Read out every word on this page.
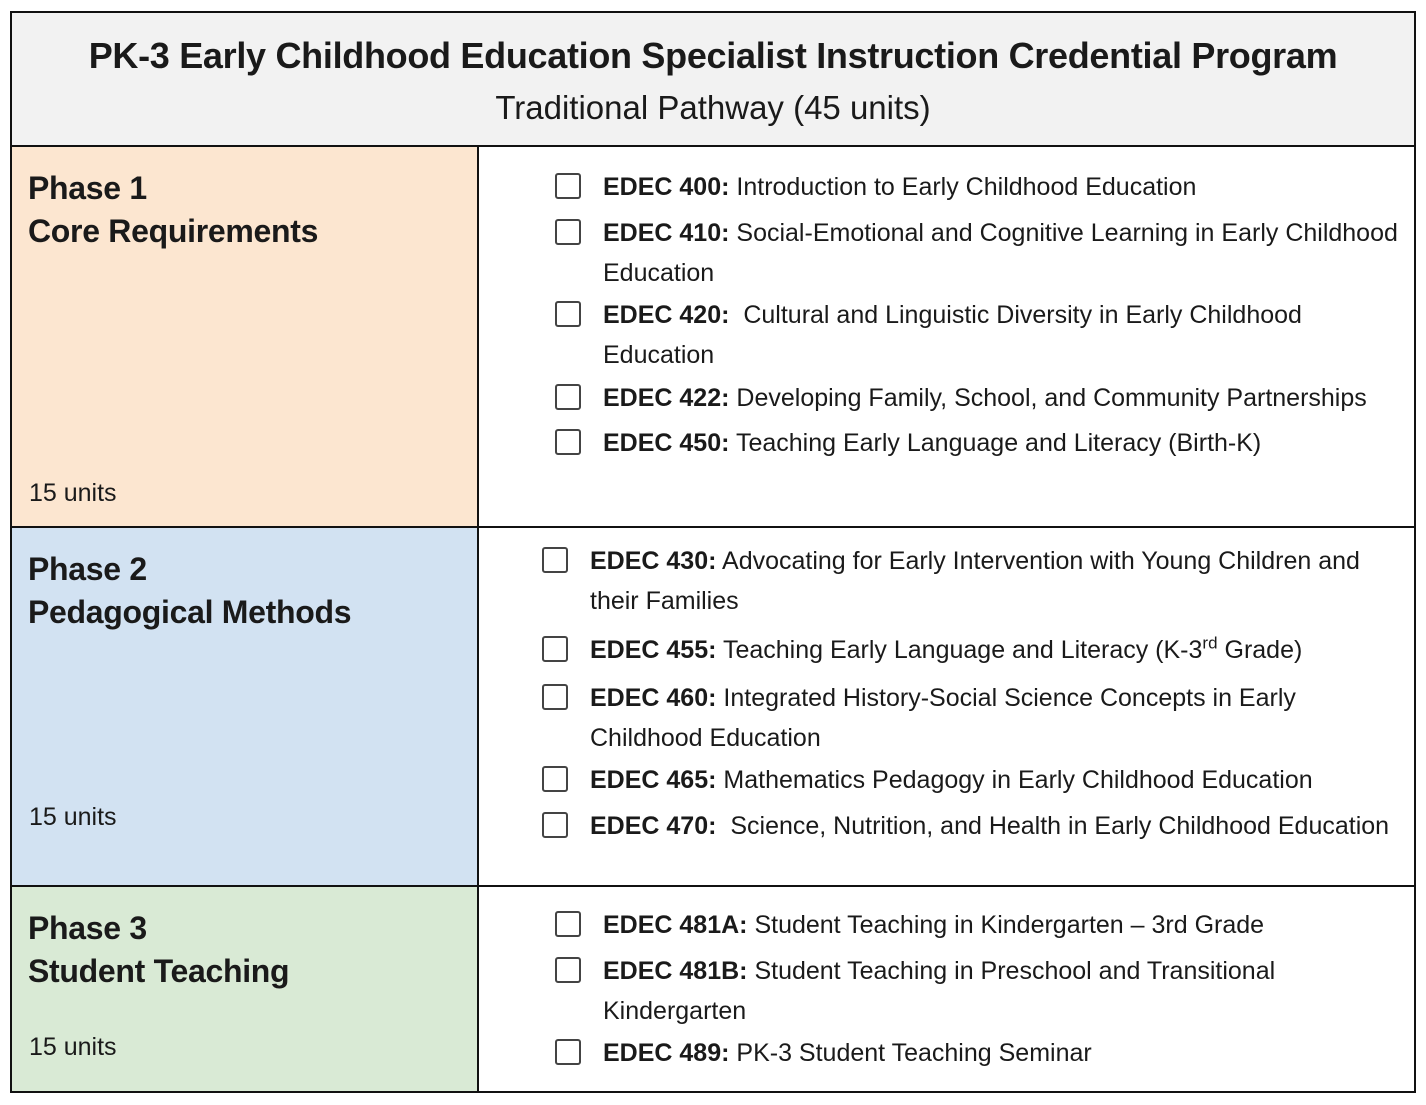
PK-3 Early Childhood Education Specialist Instruction Credential Program
Traditional Pathway (45 units)
Phase 1
Core Requirements
15 units
EDEC 400: Introduction to Early Childhood Education
EDEC 410: Social-Emotional and Cognitive Learning in Early Childhood Education
EDEC 420:  Cultural and Linguistic Diversity in Early Childhood Education
EDEC 422: Developing Family, School, and Community Partnerships
EDEC 450: Teaching Early Language and Literacy (Birth-K)
Phase 2
Pedagogical Methods
15 units
EDEC 430: Advocating for Early Intervention with Young Children and their Families
EDEC 455: Teaching Early Language and Literacy (K-3rd Grade)
EDEC 460: Integrated History-Social Science Concepts in Early Childhood Education
EDEC 465: Mathematics Pedagogy in Early Childhood Education
EDEC 470:  Science, Nutrition, and Health in Early Childhood Education
Phase 3
Student Teaching
15 units
EDEC 481A: Student Teaching in Kindergarten – 3rd Grade
EDEC 481B: Student Teaching in Preschool and Transitional Kindergarten
EDEC 489: PK-3 Student Teaching Seminar
